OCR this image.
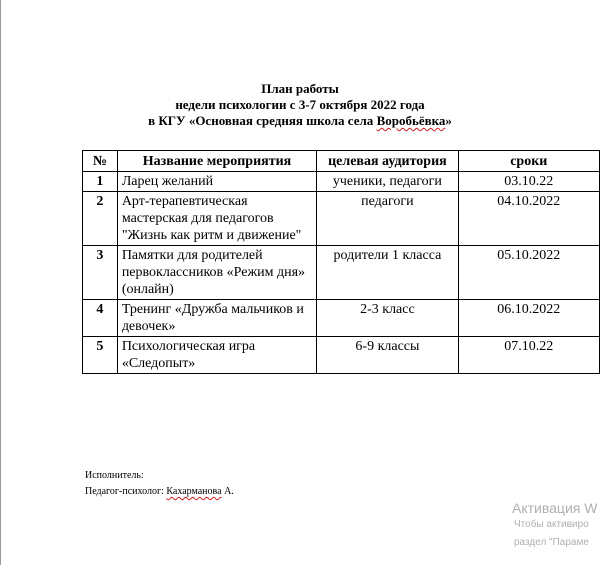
План работы
недели психологии с 3-7 октября 2022 года
в КГУ «Основная средняя школа села Воробьёвка»
№	Название мероприятия	целевая аудитория	сроки
1	Ларец желаний	ученики, педагоги	03.10.22
2	Арт-терапевтическая мастерская для педагогов "Жизнь как ритм и движение"	педагоги	04.10.2022
3	Памятки для родителей первоклассников «Режим дня» (онлайн)	родители 1 класса	05.10.2022
4	Тренинг «Дружба мальчиков и девочек»	2-3 класс	06.10.2022
5	Психологическая игра «Следопыт»	6-9 классы	07.10.22
Исполнитель:
Педагог-психолог: Кахарманова А.
Активация W
Чтобы активиро
раздел "Параме
